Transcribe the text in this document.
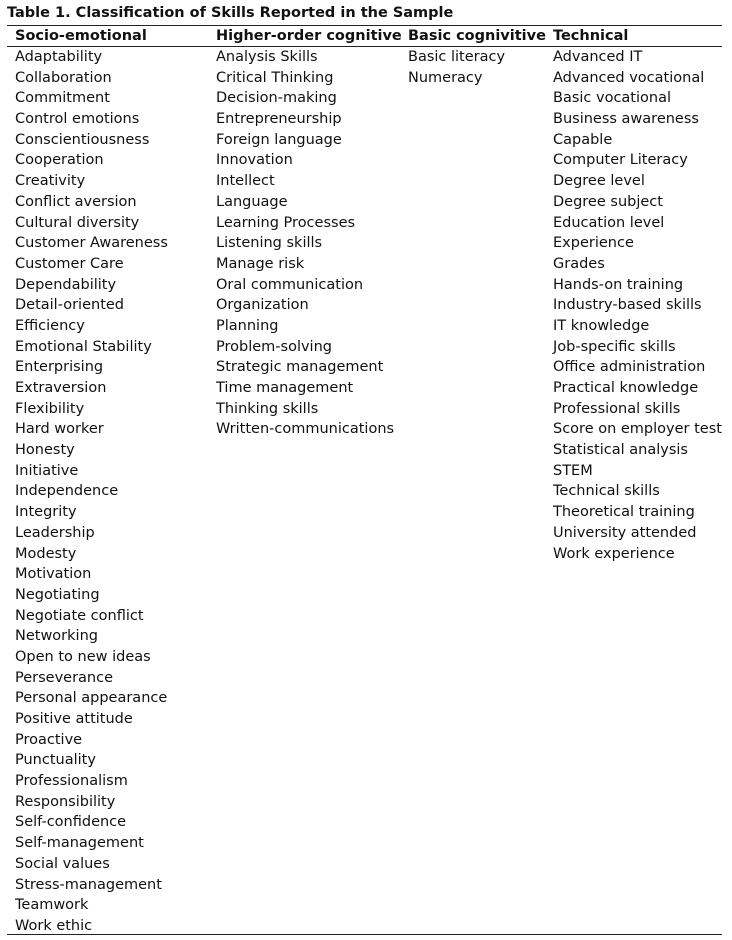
Table 1. Classification of Skills Reported in the Sample
Socio-emotional
Adaptability
Collaboration
Commitment
Control emotions
Conscientiousness
Cooperation
Creativity
Conflict aversion
Cultural diversity
Customer Awareness
Customer Care
Dependability
Detail-oriented
Efficiency
Emotional Stability
Enterprising
Extraversion
Flexibility
Hard worker
Honesty
Initiative
Independence
Integrity
Leadership
Modesty
Motivation
Negotiating
Negotiate conflict
Networking
Open to new ideas
Perseverance
Personal appearance
Positive attitude
Proactive
Punctuality
Professionalism
Responsibility
Self-confidence
Self-management
Social values
Stress-management
Teamwork
Work ethic
Higher-order cognitive
Analysis Skills
Critical Thinking
Decision-making
Entrepreneurship
Foreign language
Innovation
Intellect
Language
Learning Processes
Listening skills
Manage risk
Oral communication
Organization
Planning
Problem-solving
Strategic management
Time management
Thinking skills
Written-communications
Basic cognivitive
Basic literacy
Numeracy
Technical
Advanced IT
Advanced vocational
Basic vocational
Business awareness
Capable
Computer Literacy
Degree level
Degree subject
Education level
Experience
Grades
Hands-on training
Industry-based skills
IT knowledge
Job-specific skills
Office administration
Practical knowledge
Professional skills
Score on employer test
Statistical analysis
STEM
Technical skills
Theoretical training
University attended
Work experience
